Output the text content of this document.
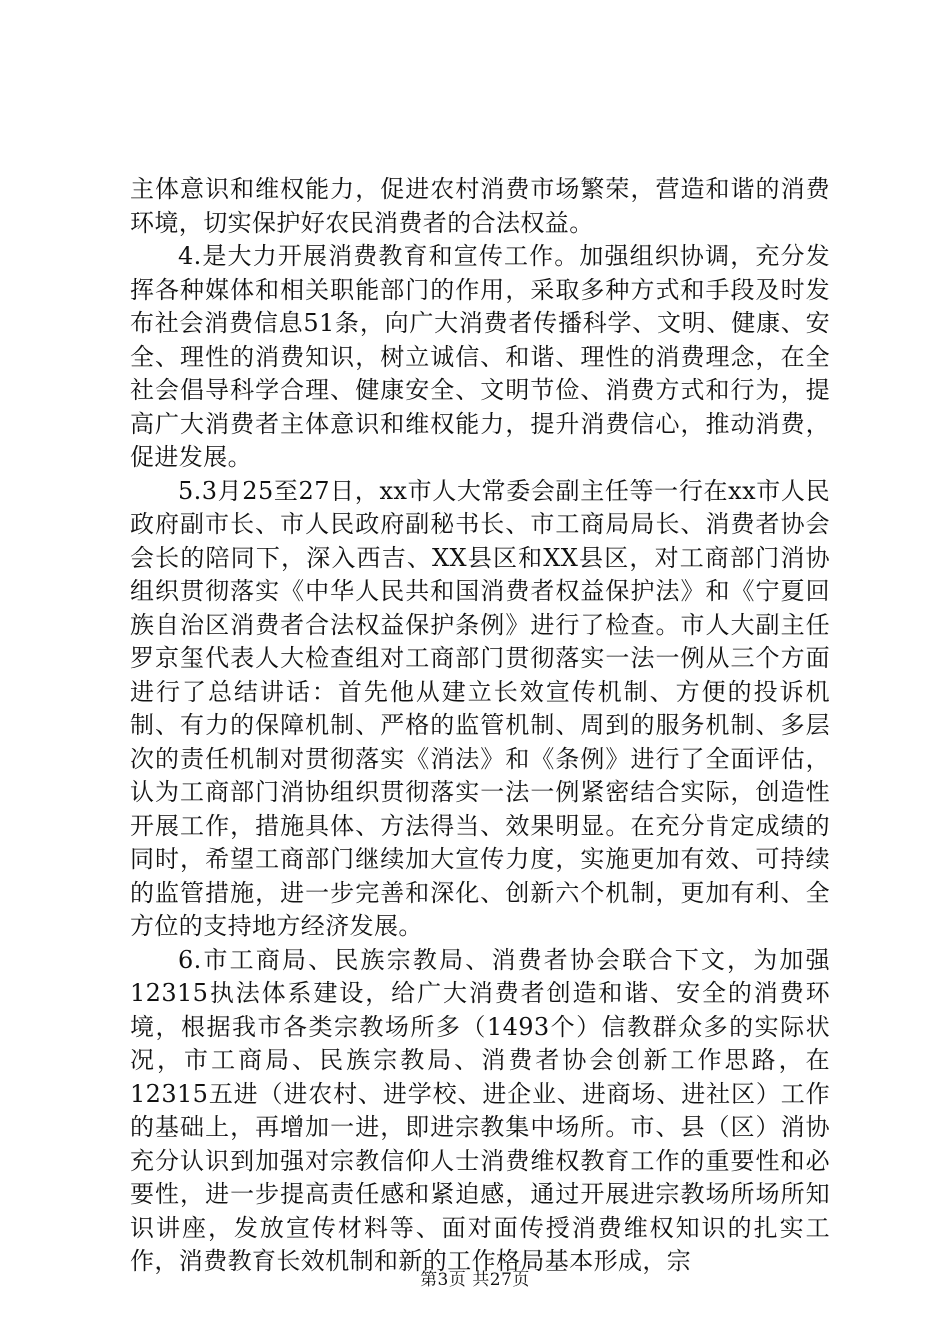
主体意识和维权能力，促进农村消费市场繁荣，营造和谐的消费环境，切实保护好农民消费者的合法权益。

4.是大力开展消费教育和宣传工作。加强组织协调，充分发挥各种媒体和相关职能部门的作用，采取多种方式和手段及时发布社会消费信息51条，向广大消费者传播科学、文明、健康、安全、理性的消费知识，树立诚信、和谐、理性的消费理念，在全社会倡导科学合理、健康安全、文明节俭、消费方式和行为，提高广大消费者主体意识和维权能力，提升消费信心，推动消费，促进发展。

5.3月25至27日，xx市人大常委会副主任等一行在xx市人民政府副市长、市人民政府副秘书长、市工商局局长、消费者协会会长的陪同下，深入西吉、XX县区和XX县区，对工商部门消协组织贯彻落实《中华人民共和国消费者权益保护法》和《宁夏回族自治区消费者合法权益保护条例》进行了检查。市人大副主任罗京玺代表人大检查组对工商部门贯彻落实一法一例从三个方面进行了总结讲话：首先他从建立长效宣传机制、方便的投诉机制、有力的保障机制、严格的监管机制、周到的服务机制、多层次的责任机制对贯彻落实《消法》和《条例》进行了全面评估，认为工商部门消协组织贯彻落实一法一例紧密结合实际，创造性开展工作，措施具体、方法得当、效果明显。在充分肯定成绩的同时，希望工商部门继续加大宣传力度，实施更加有效、可持续的监管措施，进一步完善和深化、创新六个机制，更加有利、全方位的支持地方经济发展。

6.市工商局、民族宗教局、消费者协会联合下文，为加强12315执法体系建设，给广大消费者创造和谐、安全的消费环境，根据我市各类宗教场所多（1493个）信教群众多的实际状况，市工商局、民族宗教局、消费者协会创新工作思路，在12315五进（进农村、进学校、进企业、进商场、进社区）工作的基础上，再增加一进，即进宗教集中场所。市、县（区）消协充分认识到加强对宗教信仰人士消费维权教育工作的重要性和必要性，进一步提高责任感和紧迫感，通过开展进宗教场所场所知识讲座，发放宣传材料等、面对面传授消费维权知识的扎实工作，消费教育长效机制和新的工作格局基本形成，宗

第3页 共27页
